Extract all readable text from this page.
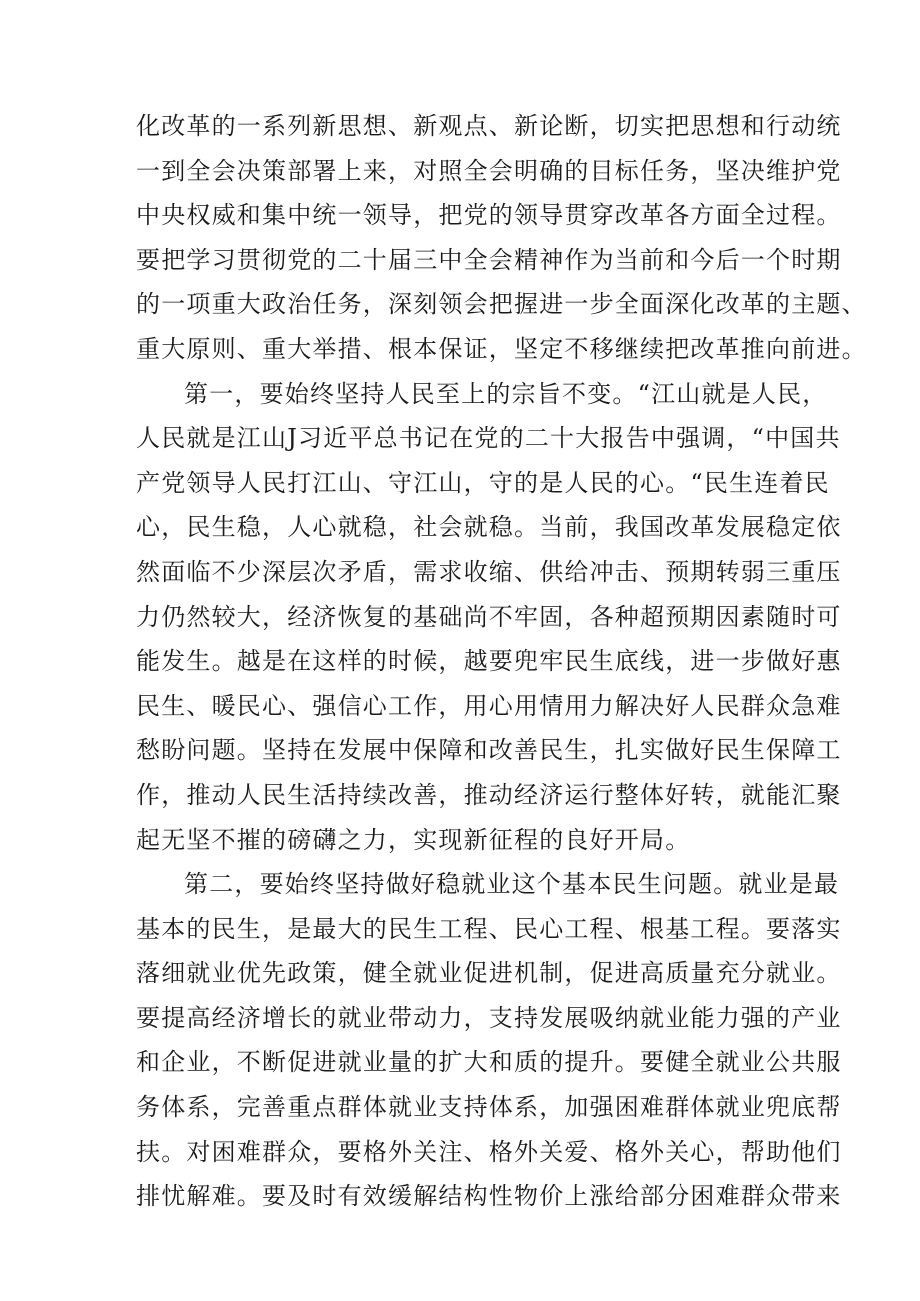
化改革的一系列新思想、新观点、新论断，切实把思想和行动统
一到全会决策部署上来，对照全会明确的目标任务，坚决维护党
中央权威和集中统一领导，把党的领导贯穿改革各方面全过程。
要把学习贯彻党的二十届三中全会精神作为当前和今后一个时期
的一项重大政治任务，深刻领会把握进一步全面深化改革的主题、
重大原则、重大举措、根本保证，坚定不移继续把改革推向前进。
第一，要始终坚持人民至上的宗旨不变。“江山就是人民，
人民就是江山J习近平总书记在党的二十大报告中强调，“中国共
产党领导人民打江山、守江山，守的是人民的心。“民生连着民
心，民生稳，人心就稳，社会就稳。当前，我国改革发展稳定依
然面临不少深层次矛盾，需求收缩、供给冲击、预期转弱三重压
力仍然较大，经济恢复的基础尚不牢固，各种超预期因素随时可
能发生。越是在这样的时候，越要兜牢民生底线，进一步做好惠
民生、暖民心、强信心工作，用心用情用力解决好人民群众急难
愁盼问题。坚持在发展中保障和改善民生，扎实做好民生保障工
作，推动人民生活持续改善，推动经济运行整体好转，就能汇聚
起无坚不摧的磅礴之力，实现新征程的良好开局。
第二，要始终坚持做好稳就业这个基本民生问题。就业是最
基本的民生，是最大的民生工程、民心工程、根基工程。要落实
落细就业优先政策，健全就业促进机制，促进高质量充分就业。
要提高经济增长的就业带动力，支持发展吸纳就业能力强的产业
和企业，不断促进就业量的扩大和质的提升。要健全就业公共服
务体系，完善重点群体就业支持体系，加强困难群体就业兜底帮
扶。对困难群众，要格外关注、格外关爱、格外关心，帮助他们
排忧解难。要及时有效缓解结构性物价上涨给部分困难群众带来
